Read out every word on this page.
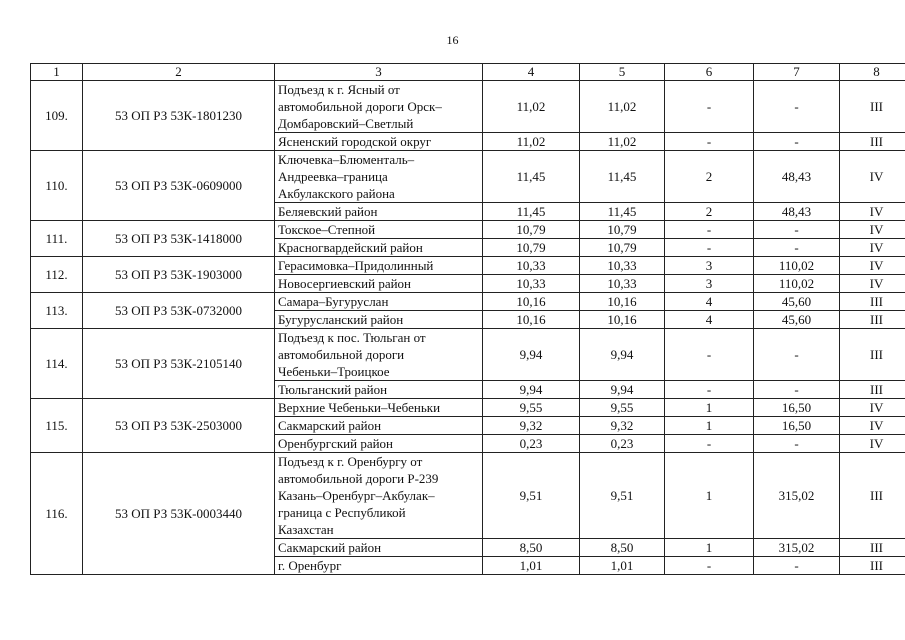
16
1	2	3	4	5	6	7	8
109.	53 ОП РЗ 53К-1801230	Подъезд к г. Ясный от
автомобильной дороги Орск–
Домбаровский–Светлый	11,02	11,02	-	-	III

		Ясненский городской округ	11,02	11,02	-	-	III
110.	53 ОП РЗ 53К-0609000	Ключевка–Блюменталь–
Андреевка–граница
Акбулакского района	11,45	11,45	2	48,43	IV

		Беляевский район	11,45	11,45	2	48,43	IV
111.	53 ОП РЗ 53К-1418000	Токское–Степной	10,79	10,79	-	-	IV

		Красногвардейский район	10,79	10,79	-	-	IV
112.	53 ОП РЗ 53К-1903000	Герасимовка–Придолинный	10,33	10,33	3	110,02	IV

		Новосергиевский район	10,33	10,33	3	110,02	IV
113.	53 ОП РЗ 53К-0732000	Самара–Бугуруслан	10,16	10,16	4	45,60	III

		Бугурусланский район	10,16	10,16	4	45,60	III
114.	53 ОП РЗ 53К-2105140	Подъезд к пос. Тюльган от
автомобильной дороги
Чебеньки–Троицкое	9,94	9,94	-	-	III

		Тюльганский район	9,94	9,94	-	-	III
115.	53 ОП РЗ 53К-2503000	Верхние Чебеньки–Чебеньки	9,55	9,55	1	16,50	IV

		Сакмарский район	9,32	9,32	1	16,50	IV

		Оренбургский район	0,23	0,23	-	-	IV
116.	53 ОП РЗ 53К-0003440	Подъезд к г. Оренбургу от
автомобильной дороги Р-239
Казань–Оренбург–Акбулак–
граница с Республикой
Казахстан	9,51	9,51	1	315,02	III

		Сакмарский район	8,50	8,50	1	315,02	III

		г. Оренбург	1,01	1,01	-	-	III
